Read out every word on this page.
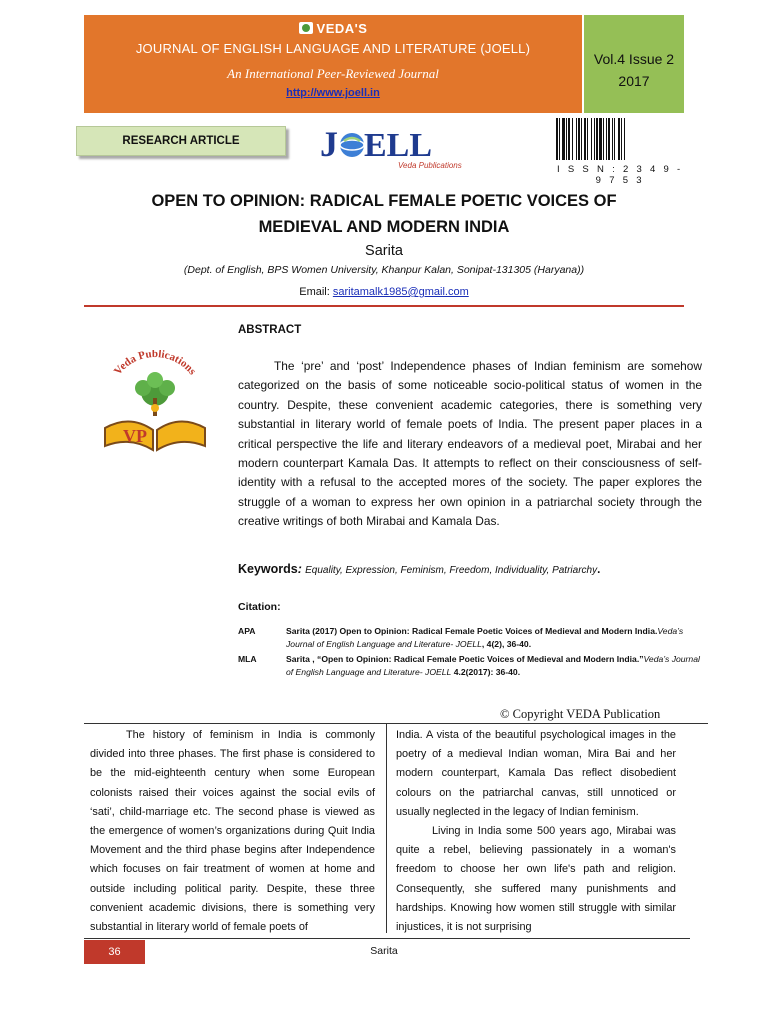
VEDA'S
JOURNAL OF ENGLISH LANGUAGE AND LITERATURE (JOELL)
An International Peer-Reviewed Journal
http://www.joell.in
Vol.4 Issue 2
2017
RESEARCH ARTICLE	J ELL
Veda Publications	I S S N : 2 3 4 9 - 9 7 5 3
OPEN TO OPINION: RADICAL FEMALE POETIC VOICES OF
MEDIEVAL AND MODERN INDIA
Sarita
(Dept. of English, BPS Women University, Khanpur Kalan, Sonipat-131305 (Haryana))
Email: saritamalk1985@gmail.com
Veda Publications
VP
ABSTRACT
The ‘pre’ and ‘post’ Independence phases of Indian feminism are somehow categorized on the basis of some noticeable socio-political status of women in the country. Despite, these convenient academic categories, there is something very substantial in literary world of female poets of India. The present paper places in a critical perspective the life and literary endeavors of a medieval poet, Mirabai and her modern counterpart Kamala Das. It attempts to reflect on their consciousness of self-identity with a refusal to the accepted mores of the society. The paper explores the struggle of a woman to express her own opinion in a patriarchal society through the creative writings of both Mirabai and Kamala Das.
Keywords: Equality, Expression, Feminism, Freedom, Individuality, Patriarchy.
Citation:
APA	Sarita (2017) Open to Opinion: Radical Female Poetic Voices of Medieval and Modern India.Veda’s Journal of English Language and Literature- JOELL, 4(2), 36-40.
MLA	Sarita , “Open to Opinion: Radical Female Poetic Voices of Medieval and Modern India.”Veda’s Journal of English Language and Literature- JOELL 4.2(2017): 36-40.
© Copyright VEDA Publication

The history of feminism in India is commonly divided into three phases. The first phase is considered to be the mid-eighteenth century when some European colonists raised their voices against the social evils of ‘sati’, child-marriage etc. The second phase is viewed as the emergence of women’s organizations during Quit India Movement and the third phase begins after Independence which focuses on fair treatment of women at home and outside including political parity. Despite, these three convenient academic divisions, there is something very substantial in literary world of female poets of

India. A vista of the beautiful psychological images in the poetry of a medieval Indian woman, Mira Bai and her modern counterpart, Kamala Das reflect disobedient colours on the patriarchal canvas, still unnoticed or usually neglected in the legacy of Indian feminism.

Living in India some 500 years ago, Mirabai was quite a rebel, believing passionately in a woman's freedom to choose her own life's path and religion. Consequently, she suffered many punishments and hardships. Knowing how women still struggle with similar injustices, it is not surprising

36	Sarita
